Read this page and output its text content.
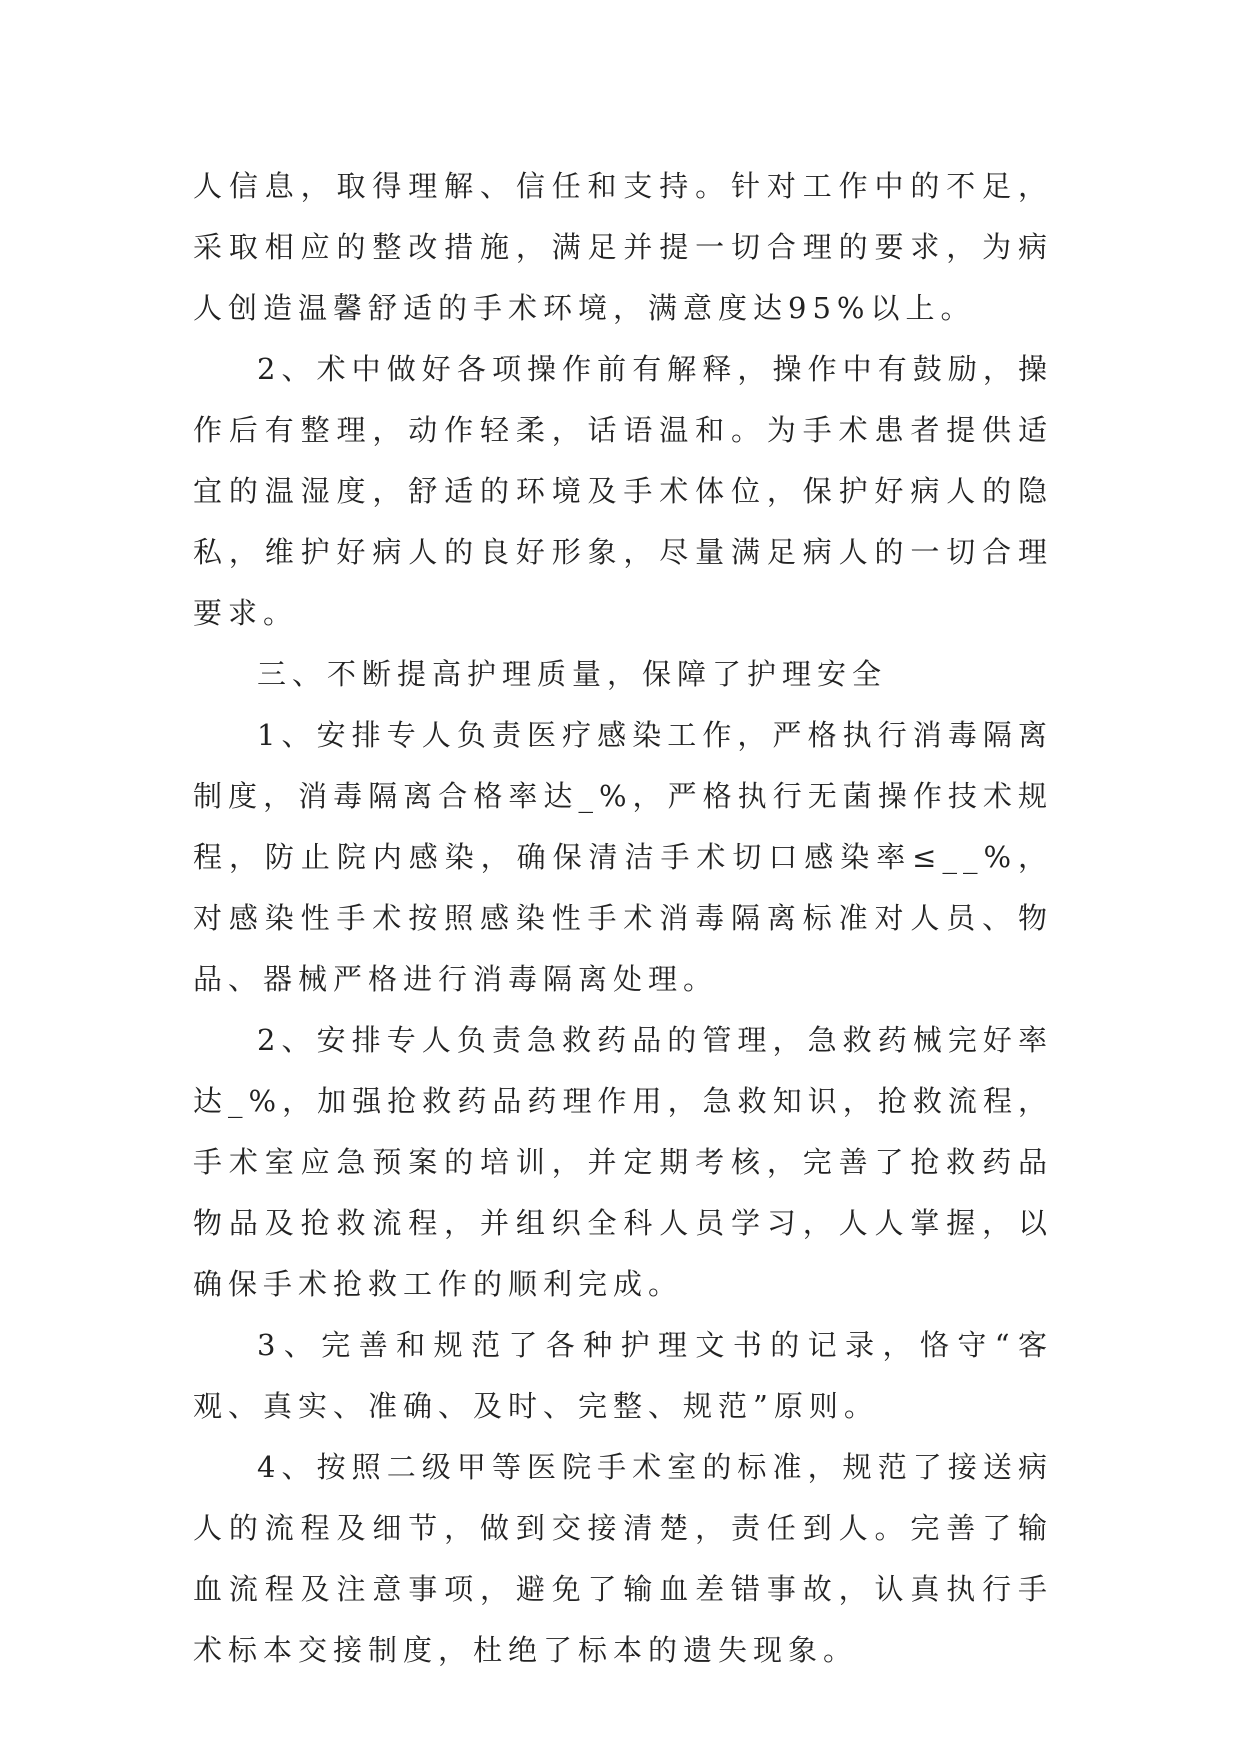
人信息，取得理解、信任和支持。针对工作中的不足，采取相应的整改措施，满足并提一切合理的要求，为病人创造温馨舒适的手术环境，满意度达95%以上。

2、术中做好各项操作前有解释，操作中有鼓励，操作后有整理，动作轻柔，话语温和。为手术患者提供适宜的温湿度，舒适的环境及手术体位，保护好病人的隐私，维护好病人的良好形象，尽量满足病人的一切合理要求。

三、不断提高护理质量，保障了护理安全

1、安排专人负责医疗感染工作，严格执行消毒隔离制度，消毒隔离合格率达_%，严格执行无菌操作技术规程，防止院内感染，确保清洁手术切口感染率≤__%，对感染性手术按照感染性手术消毒隔离标准对人员、物品、器械严格进行消毒隔离处理。

2、安排专人负责急救药品的管理，急救药械完好率达_%，加强抢救药品药理作用，急救知识，抢救流程，手术室应急预案的培训，并定期考核，完善了抢救药品物品及抢救流程，并组织全科人员学习，人人掌握，以确保手术抢救工作的顺利完成。

3、完善和规范了各种护理文书的记录，恪守“客观、真实、准确、及时、完整、规范”原则。

4、按照二级甲等医院手术室的标准，规范了接送病人的流程及细节，做到交接清楚，责任到人。完善了输血流程及注意事项，避免了输血差错事故，认真执行手术标本交接制度，杜绝了标本的遗失现象。
